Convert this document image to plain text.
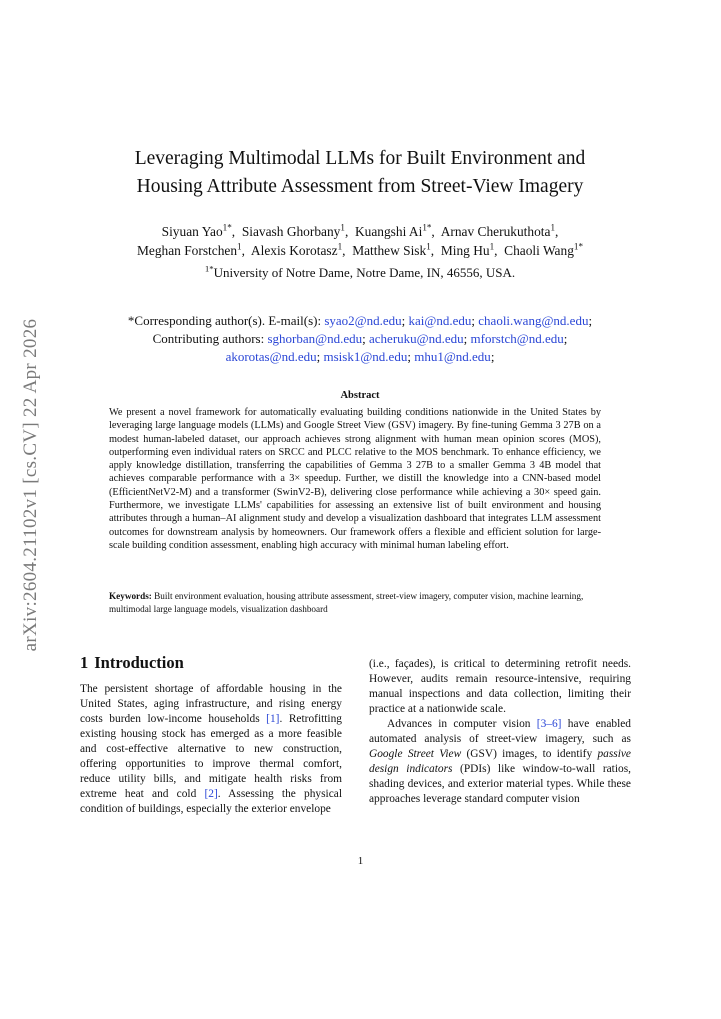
arXiv:2604.21102v1 [cs.CV] 22 Apr 2026
Leveraging Multimodal LLMs for Built Environment and
Housing Attribute Assessment from Street-View Imagery
Siyuan Yao$^{1*}$,  Siavash Ghorbany$^1$,  Kuangshi $Ai^{1*}$,  Arnav Cherukuthota$^1$,
Meghan Forstchen$^1$,  Alexis Korotasz$^1$,  Matthew Sisk$^1$,  Ming Hu$^1$,  Chaoli Wang$^{1*}$
$^{1*}$University of Notre Dame, Notre Dame, IN, 46556, USA.
*Corresponding author(s). E-mail(s): syao2@nd.edu; kai@nd.edu; chaoli.wang@nd.edu;
Contributing authors: sghorban@nd.edu; acheruku@nd.edu; mforstch@nd.edu;
akorotas@nd.edu; msisk1@nd.edu; mhu1@nd.edu;
Abstract
We present a novel framework for automatically evaluating building conditions nationwide in the United States by leveraging large language models (LLMs) and Google Street View (GSV) imagery. By fine-tuning Gemma 3 27B on a modest human-labeled dataset, our approach achieves strong alignment with human mean opinion scores (MOS), outperforming even individual raters on SRCC and PLCC relative to the MOS benchmark. To enhance efficiency, we apply knowledge distillation, transferring the capabilities of Gemma 3 27B to a smaller Gemma 3 4B model that achieves comparable performance with a 3× speedup. Further, we distill the knowledge into a CNN-based model (EfficientNetV2-M) and a transformer (SwinV2-B), delivering close performance while achieving a 30× speed gain. Furthermore, we investigate LLMs' capabilities for assessing an extensive list of built environment and housing attributes through a human–AI alignment study and develop a visualization dashboard that integrates LLM assessment outcomes for downstream analysis by homeowners. Our framework offers a flexible and efficient solution for large-scale building condition assessment, enabling high accuracy with minimal human labeling effort.
Keywords: Built environment evaluation, housing attribute assessment, street-view imagery, computer vision, machine learning, multimodal large language models, visualization dashboard
1 Introduction

The persistent shortage of affordable housing in the United States, aging infrastructure, and rising energy costs burden low-income households [1]. Retrofitting existing housing stock has emerged as a more feasible and cost-effective alternative to new construction, offering opportunities to improve thermal comfort, reduce utility bills, and mitigate health risks from extreme heat and cold [2]. Assessing the physical condition of buildings, especially the exterior envelope

(i.e., façades), is critical to determining retrofit needs. However, audits remain resource-intensive, requiring manual inspections and data collection, limiting their practice at a nationwide scale.

Advances in computer vision [3–6] have enabled automated analysis of street-view imagery, such as Google Street View (GSV) images, to identify passive design indicators (PDIs) like window-to-wall ratios, shading devices, and exterior material types. While these approaches leverage standard computer vision

1
